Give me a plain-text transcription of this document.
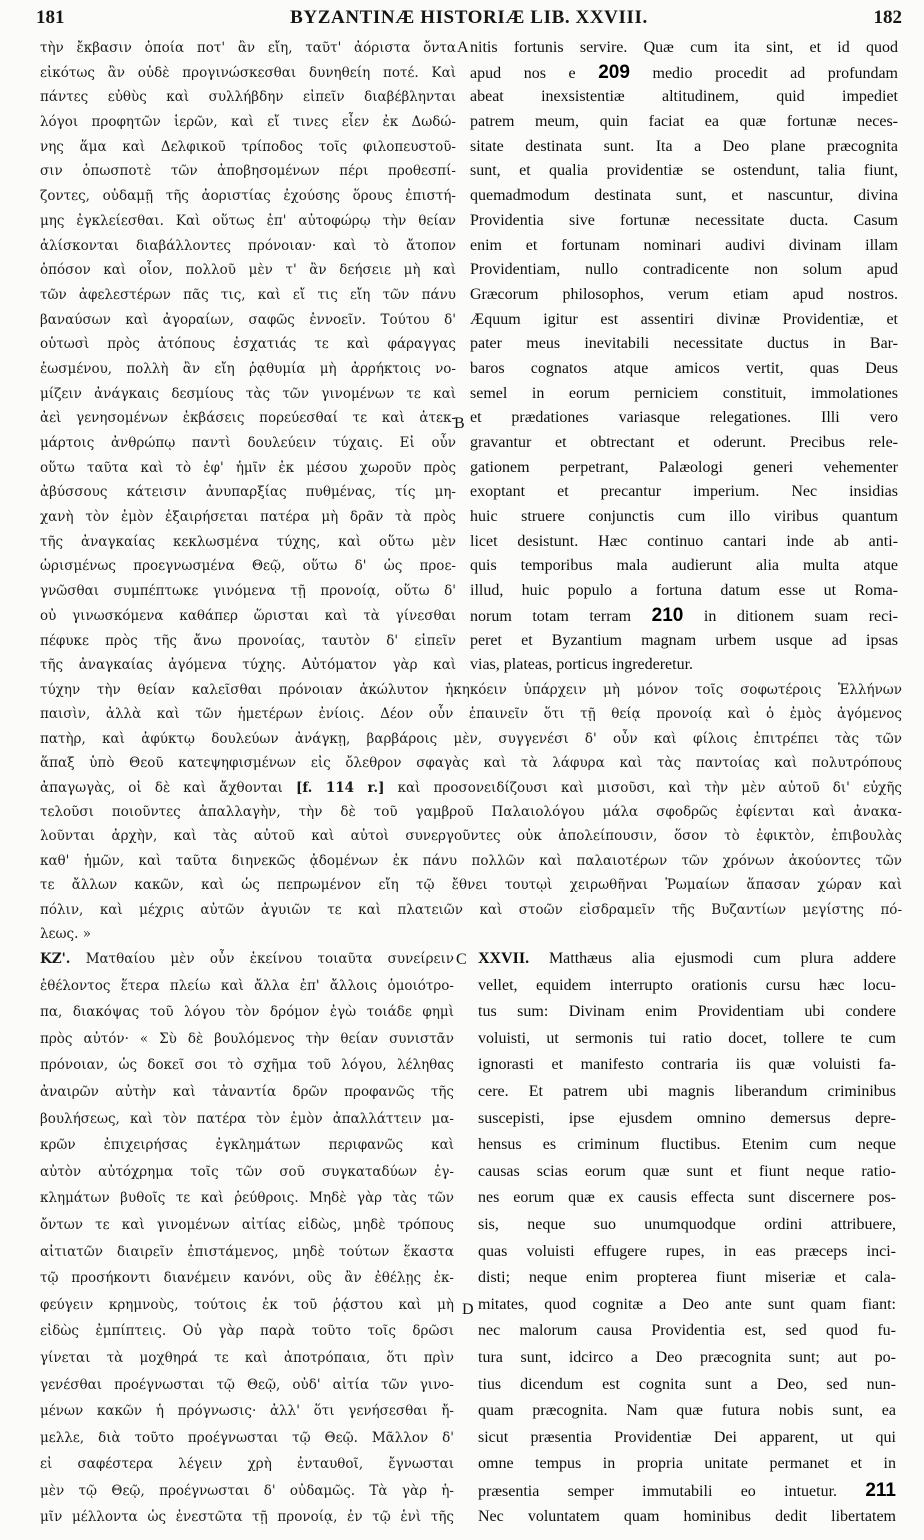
181	BYZANTINÆ HISTORIÆ LIB. XXVIII.	182
τὴν ἔκβασιν ὁποία ποτ' ἂν εἴη, ταῦτ' ἀόριστα ὄντα
εἰκότως ἂν οὐδὲ προγινώσκεσθαι δυνηθείη ποτέ. Καὶ
πάντες εὐθὺς καὶ συλλήβδην εἰπεῖν διαβέβληνται
λόγοι προφητῶν ἱερῶν, καὶ εἴ τινες εἶεν ἐκ Δωδώ-
νης ἅμα καὶ Δελφικοῦ τρίποδος τοῖς φιλοπευστοῦ-
σιν ὁπωσποτὲ τῶν ἀποβησομένων πέρι προθεσπί-
ζοντες, οὐδαμῇ τῆς ἀοριστίας ἐχούσης ὅρους ἐπιστή-
μης ἐγκλείεσθαι. Καὶ οὕτως ἐπ' αὐτοφώρῳ τὴν θείαν
ἁλίσκονται διαβάλλοντες πρόνοιαν· καὶ τὸ ἄτοπον
ὁπόσον καὶ οἷον, πολλοῦ μὲν τ' ἂν δεήσειε μὴ καὶ
τῶν ἀφελεστέρων πᾶς τις, καὶ εἴ τις εἴη τῶν πάνυ
βαναύσων καὶ ἀγοραίων, σαφῶς ἐννοεῖν. Τούτου δ'
οὑτωσὶ πρὸς ἀτόπους ἐσχατιάς τε καὶ φάραγγας
ἐωσμένου, πολλὴ ἂν εἴη ῥᾳθυμία μὴ ἀρρήκτοις νο-
μίζειν ἀνάγκαις δεσμίους τὰς τῶν γινομένων τε καὶ
ἀεὶ γενησομένων ἐκβάσεις πορεύεσθαί τε καὶ ἀτεκ-
μάρτοις ἀνθρώπῳ παντὶ δουλεύειν τύχαις. Εἰ οὖν
οὕτω ταῦτα καὶ τὸ ἐφ' ἡμῖν ἐκ μέσου χωροῦν πρὸς
ἀβύσσους κάτεισιν ἀνυπαρξίας πυθμένας, τίς μη-
χανὴ τὸν ἐμὸν ἐξαιρήσεται πατέρα μὴ δρᾶν τὰ πρὸς
τῆς ἀναγκαίας κεκλωσμένα τύχης, καὶ οὕτω μὲν
ὡρισμένως προεγνωσμένα Θεῷ, οὕτω δ' ὡς προε-
γνῶσθαι συμπέπτωκε γινόμενα τῇ προνοίᾳ, οὕτω δ'
οὐ γινωσκόμενα καθάπερ ὥρισται καὶ τὰ γίνεσθαι
πέφυκε πρὸς τῆς ἄνω προνοίας, ταυτὸν δ' εἰπεῖν
τῆς ἀναγκαίας ἀγόμενα τύχης. Αὐτόματον γὰρ καὶ
nitis fortunis servire. Quæ cum ita sint, et id quod
apud nos e 209 medio procedit ad profundam
abeat inexsistentiæ altitudinem, quid impediet
patrem meum, quin faciat ea quæ fortunæ neces-
sitate destinata sunt. Ita a Deo plane præcognita
sunt, et qualia providentiæ se ostendunt, talia fiunt,
quemadmodum destinata sunt, et nascuntur, divina
Providentia sive fortunæ necessitate ducta. Casum
enim et fortunam nominari audivi divinam illam
Providentiam, nullo contradicente non solum apud
Græcorum philosophos, verum etiam apud nostros.
Æquum igitur est assentiri divinæ Providentiæ, et
pater meus inevitabili necessitate ductus in Bar-
baros cognatos atque amicos vertit, quas Deus
semel in eorum perniciem constituit, immolationes
et prædationes variasque relegationes. Illi vero
gravantur et obtrectant et oderunt. Precibus rele-
gationem perpetrant, Palæologi generi vehementer
exoptant et precantur imperium. Nec insidias
huic struere conjunctis cum illo viribus quantum
licet desistunt. Hæc continuo cantari inde ab anti-
quis temporibus mala audierunt alia multa atque
illud, huic populo a fortuna datum esse ut Roma-
norum totam terram 210 in ditionem suam reci-
peret et Byzantium magnam urbem usque ad ipsas
vias, plateas, porticus ingrederetur.
τύχην τὴν θείαν καλεῖσθαι πρόνοιαν ἀκώλυτον ἠκηκόειν ὑπάρχειν μὴ μόνον τοῖς σοφωτέροις Ἑλλήνων
παισὶν, ἀλλὰ καὶ τῶν ἡμετέρων ἐνίοις. Δέον οὖν ἐπαινεῖν ὅτι τῇ θείᾳ προνοίᾳ καὶ ὁ ἐμὸς ἀγόμενος
πατὴρ, καὶ ἀφύκτῳ δουλεύων ἀνάγκῃ, βαρβάροις μὲν, συγγενέσι δ' οὖν καὶ φίλοις ἐπιτρέπει τὰς τῶν
ἅπαξ ὑπὸ Θεοῦ κατεψηφισμένων εἰς ὄλεθρον σφαγὰς καὶ τὰ λάφυρα καὶ τὰς παντοίας καὶ πολυτρόπους
ἀπαγωγὰς, οἱ δὲ καὶ ἄχθονται [f. 114 r.] καὶ προσονειδίζουσι καὶ μισοῦσι, καὶ τὴν μὲν αὐτοῦ δι' εὐχῆς
τελοῦσι ποιοῦντες ἀπαλλαγὴν, τὴν δὲ τοῦ γαμβροῦ Παλαιολόγου μάλα σφοδρῶς ἐφίενται καὶ ἀνακα-
λοῦνται ἀρχὴν, καὶ τὰς αὐτοῦ καὶ αὐτοὶ συνεργοῦντες οὐκ ἀπολείπουσιν, ὅσον τὸ ἐφικτὸν, ἐπιβουλὰς
καθ' ἡμῶν, καὶ ταῦτα διηνεκῶς ᾀδομένων ἐκ πάνυ πολλῶν καὶ παλαιοτέρων τῶν χρόνων ἀκούοντες τῶν
τε ἄλλων κακῶν, καὶ ὡς πεπρωμένον εἴη τῷ ἔθνει τουτῳὶ χειρωθῆναι Ῥωμαίων ἅπασαν χώραν καὶ
πόλιν, καὶ μέχρις αὐτῶν ἀγυιῶν τε καὶ πλατειῶν καὶ στοῶν εἰσδραμεῖν τῆς Βυζαντίων μεγίστης πό-
λεως. »
ΚΖ'. Ματθαίου μὲν οὖν ἐκείνου τοιαῦτα συνείρειν
ἐθέλοντος ἕτερα πλείω καὶ ἄλλα ἐπ' ἄλλοις ὁμοιότρο-
πα, διακόψας τοῦ λόγου τὸν δρόμον ἐγὼ τοιάδε φημὶ
πρὸς αὐτόν· « Σὺ δὲ βουλόμενος τὴν θείαν συνιστᾶν
πρόνοιαν, ὡς δοκεῖ σοι τὸ σχῆμα τοῦ λόγου, λέληθας
ἀναιρῶν αὐτὴν καὶ τἀναντία δρῶν προφανῶς τῆς
βουλήσεως, καὶ τὸν πατέρα τὸν ἐμὸν ἀπαλλάττειν μα-
κρῶν ἐπιχειρήσας ἐγκλημάτων περιφανῶς καὶ
αὐτὸν αὐτόχρημα τοῖς τῶν σοῦ συγκαταδύων ἐγ-
κλημάτων βυθοῖς τε καὶ ῥεύθροις. Μηδὲ γὰρ τὰς τῶν
ὄντων τε καὶ γινομένων αἰτίας εἰδὼς, μηδὲ τρόπους
αἰτιατῶν διαιρεῖν ἐπιστάμενος, μηδὲ τούτων ἕκαστα
τῷ προσήκοντι διανέμειν κανόνι, οὓς ἂν ἐθέλῃς ἐκ-
φεύγειν κρημνοὺς, τούτοις ἐκ τοῦ ῥᾴστου καὶ μὴ
εἰδὼς ἐμπίπτεις. Οὐ γὰρ παρὰ τοῦτο τοῖς δρῶσι
γίνεται τὰ μοχθηρά τε καὶ ἀποτρόπαια, ὅτι πρὶν
γενέσθαι προέγνωσται τῷ Θεῷ, οὐδ' αἰτία τῶν γινο-
μένων κακῶν ἡ πρόγνωσις· ἀλλ' ὅτι γενήσεσθαι ἤ-
μελλε, διὰ τοῦτο προέγνωσται τῷ Θεῷ. Μᾶλλον δ'
εἰ σαφέστερα λέγειν χρὴ ἐνταυθοῖ, ἔγνωσται
μὲν τῷ Θεῷ, προέγνωσται δ' οὐδαμῶς. Τὰ γὰρ ἡ-
μῖν μέλλοντα ὡς ἐνεστῶτα τῇ προνοίᾳ, ἐν τῷ ἑνὶ τῆς
XXVII. Matthæus alia ejusmodi cum plura addere
vellet, equidem interrupto orationis cursu hæc locu-
tus sum: Divinam enim Providentiam ubi condere
voluisti, ut sermonis tui ratio docet, tollere te cum
ignorasti et manifesto contraria iis quæ voluisti fa-
cere. Et patrem ubi magnis liberandum criminibus
suscepisti, ipse ejusdem omnino demersus depre-
hensus es criminum fluctibus. Etenim cum neque
causas scias eorum quæ sunt et fiunt neque ratio-
nes eorum quæ ex causis effecta sunt discernere pos-
sis, neque suo unumquodque ordini attribuere,
quas voluisti effugere rupes, in eas præceps inci-
disti; neque enim propterea fiunt miseriæ et cala-
mitates, quod cognitæ a Deo ante sunt quam fiant:
nec malorum causa Providentia est, sed quod fu-
tura sunt, idcirco a Deo præcognita sunt; aut po-
tius dicendum est cognita sunt a Deo, sed nun-
quam præcognita. Nam quæ futura nobis sunt, ea
sicut præsentia Providentiæ Dei apparent, ut qui
omne tempus in propria unitate permanet et in
præsentia semper immutabili eo intuetur. 211
Nec voluntatem quam hominibus dedit libertatem
A
B
C
D
